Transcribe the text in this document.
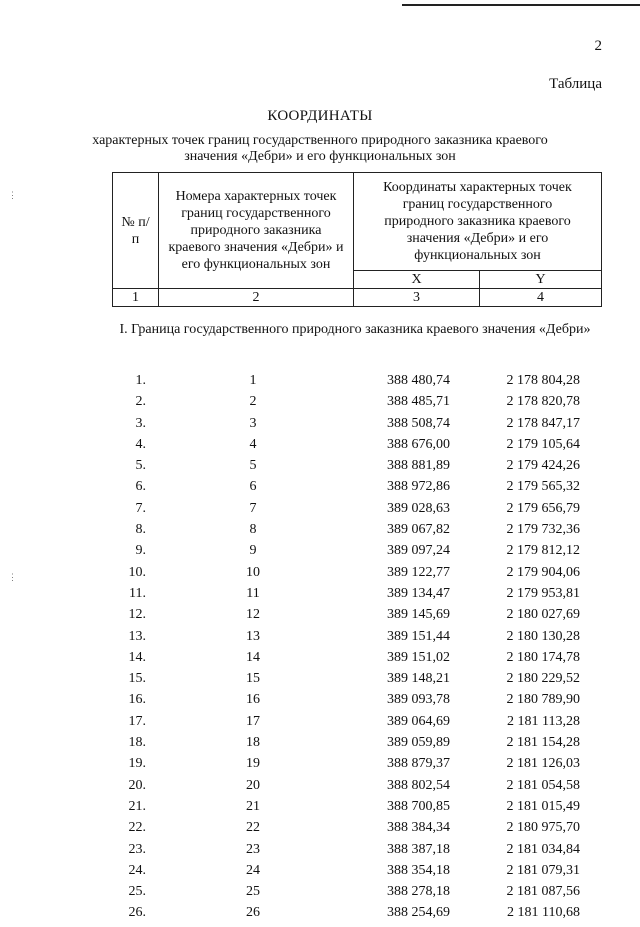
⋮
⋮
2
Таблица
КООРДИНАТЫ
характерных точек границ государственного природного заказника краевого значения «Дебри» и его функциональных зон
№ п/п	Номера характерных точек границ государственного природного заказника краевого значения «Дебри» и его функциональных зон	Координаты характерных точек границ государственного природного заказника краевого значения «Дебри» и его функциональных зон	

		X	Y
1	2	3	4
I. Граница государственного природного заказника краевого значения «Дебри»
1.	1	388 480,74	2 178 804,28
2.	2	388 485,71	2 178 820,78
3.	3	388 508,74	2 178 847,17
4.	4	388 676,00	2 179 105,64
5.	5	388 881,89	2 179 424,26
6.	6	388 972,86	2 179 565,32
7.	7	389 028,63	2 179 656,79
8.	8	389 067,82	2 179 732,36
9.	9	389 097,24	2 179 812,12
10.	10	389 122,77	2 179 904,06
11.	11	389 134,47	2 179 953,81
12.	12	389 145,69	2 180 027,69
13.	13	389 151,44	2 180 130,28
14.	14	389 151,02	2 180 174,78
15.	15	389 148,21	2 180 229,52
16.	16	389 093,78	2 180 789,90
17.	17	389 064,69	2 181 113,28
18.	18	389 059,89	2 181 154,28
19.	19	388 879,37	2 181 126,03
20.	20	388 802,54	2 181 054,58
21.	21	388 700,85	2 181 015,49
22.	22	388 384,34	2 180 975,70
23.	23	388 387,18	2 181 034,84
24.	24	388 354,18	2 181 079,31
25.	25	388 278,18	2 181 087,56
26.	26	388 254,69	2 181 110,68
